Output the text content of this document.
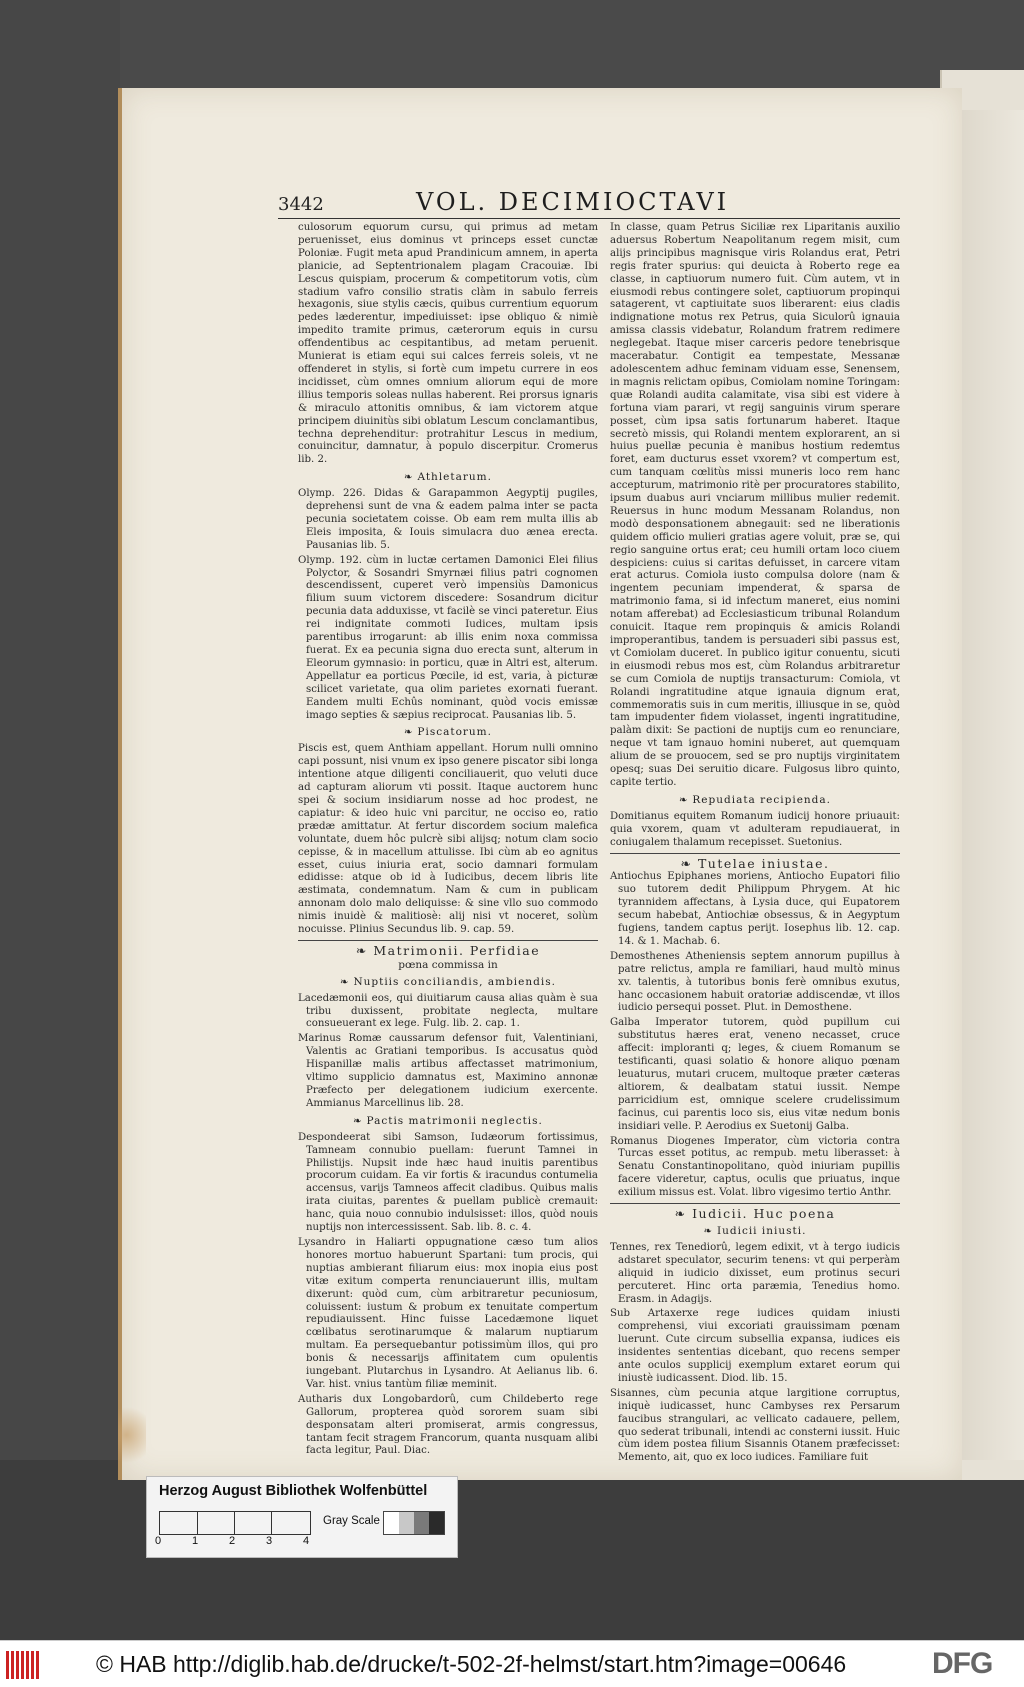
3442	VOL. DECIMIOCTAVI

culosorum equorum cursu, qui primus ad metam peruenisset, eius dominus vt princeps esset cunctæ Poloniæ. Fugit meta apud Prandinicum amnem, in aperta planicie, ad Septentrionalem plagam Cracouiæ. Ibi Lescus quispiam, procerum & competitorum votis, cùm stadium vafro consilio stratis clàm in sabulo ferreis hexagonis, siue stylis cæcis, quibus currentium equorum pedes læderentur, impediuisset: ipse obliquo & nimiè impedito tramite primus, cæterorum equis in cursu offendentibus ac cespitantibus, ad metam peruenit. Munierat is etiam equi sui calces ferreis soleis, vt ne offenderet in stylis, si fortè cum impetu currere in eos incidisset, cùm omnes omnium aliorum equi de more illius temporis soleas nullas haberent. Rei prorsus ignaris & miraculo attonitis omnibus, & iam victorem atque principem diuinitùs sibi oblatum Lescum conclamantibus, techna deprehenditur: protrahitur Lescus in medium, conuincitur, damnatur, à populo discerpitur. Cromerus lib. 2.

❧ Athletarum.

Olymp. 226. Didas & Garapammon Aegyptij pugiles, deprehensi sunt de vna & eadem palma inter se pacta pecunia societatem coisse. Ob eam rem multa illis ab Eleis imposita, & Iouis simulacra duo ænea erecta. Pausanias lib. 5.

Olymp. 192. cùm in luctæ certamen Damonici Elei filius Polyctor, & Sosandri Smyrnæi filius patri cognomen descendissent, cuperet verò impensiùs Damonicus filium suum victorem discedere: Sosandrum dicitur pecunia data adduxisse, vt facilè se vinci pateretur. Eius rei indignitate commoti Iudices, multam ipsis parentibus irrogarunt: ab illis enim noxa commissa fuerat. Ex ea pecunia signa duo erecta sunt, alterum in Eleorum gymnasio: in porticu, quæ in Altri est, alterum. Appellatur ea porticus Pœcile, id est, varia, à picturæ scilicet varietate, qua olim parietes exornati fuerant. Eandem multi Echûs nominant, quòd vocis emissæ imago septies & sæpius reciprocat. Pausanias lib. 5.

❧ Piscatorum.

Piscis est, quem Anthiam appellant. Horum nulli omnino capi possunt, nisi vnum ex ipso genere piscator sibi longa intentione atque diligenti conciliauerit, quo veluti duce ad capturam aliorum vti possit. Itaque auctorem hunc spei & socium insidiarum nosse ad hoc prodest, ne capiatur: & ideo huic vni parcitur, ne occiso eo, ratio prædæ amittatur. At fertur discordem socium malefica voluntate, duem hôc pulcrè sibi alijsq; notum clam socio cepisse, & in macellum attulisse. Ibi cùm ab eo agnitus esset, cuius iniuria erat, socio damnari formulam edidisse: atque ob id à Iudicibus, decem libris lite æstimata, condemnatum. Nam & cum in publicam annonam dolo malo deliquisse: & sine vllo suo commodo nimis inuidè & malitiosè: alij nisi vt noceret, solùm nocuisse. Plinius Secundus lib. 9. cap. 59.

❧ Matrimonii. Perfidiae
pœna commissa in
❧ Nuptiis conciliandis, ambiendis.

Lacedæmonii eos, qui diuitiarum causa alias quàm è sua tribu duxissent, probitate neglecta, multare consueuerant ex lege. Fulg. lib. 2. cap. 1.

Marinus Romæ caussarum defensor fuit, Valentiniani, Valentis ac Gratiani temporibus. Is accusatus quòd Hispanillæ malis artibus affectasset matrimonium, vltimo supplicio damnatus est, Maximino annonæ Præfecto per delegationem iudicium exercente. Ammianus Marcellinus lib. 28.

❧ Pactis matrimonii neglectis.

Despondeerat sibi Samson, Iudæorum fortissimus, Tamneam connubio puellam: fuerunt Tamnei in Philistijs. Nupsit inde hæc haud inuitis parentibus procorum cuidam. Ea vir fortis & iracundus contumelia accensus, varijs Tamneos affecit cladibus. Quibus malis irata ciuitas, parentes & puellam publicè cremauit: hanc, quia nouo connubio indulsisset: illos, quòd nouis nuptijs non intercessissent. Sab. lib. 8. c. 4.

Lysandro in Haliarti oppugnatione cæso tum alios honores mortuo habuerunt Spartani: tum procis, qui nuptias ambierant filiarum eius: mox inopia eius post vitæ exitum comperta renunciauerunt illis, multam dixerunt: quòd cum, cùm arbitraretur pecuniosum, coluissent: iustum & probum ex tenuitate compertum repudiauissent. Hinc fuisse Lacedæmone liquet cœlibatus serotinarumque & malarum nuptiarum multam. Ea persequebantur potissimùm illos, qui pro bonis & necessarijs affinitatem cum opulentis iungebant. Plutarchus in Lysandro. At Aelianus lib. 6. Var. hist. vnius tantùm filiæ meminit.

Autharis dux Longobardorû, cum Childeberto rege Gallorum, propterea quòd sororem suam sibi desponsatam alteri promiserat, armis congressus, tantam fecit stragem Francorum, quanta nusquam alibi facta legitur, Paul. Diac.

In classe, quam Petrus Siciliæ rex Liparitanis auxilio aduersus Robertum Neapolitanum regem misit, cum alijs principibus magnisque viris Rolandus erat, Petri regis frater spurius: qui deuicta à Roberto rege ea classe, in captiuorum numero fuit. Cùm autem, vt in eiusmodi rebus contingere solet, captiuorum propinqui satagerent, vt captiuitate suos liberarent: eius cladis indignatione motus rex Petrus, quia Siculorû ignauia amissa classis videbatur, Rolandum fratrem redimere neglegebat. Itaque miser carceris pedore tenebrisque macerabatur. Contigit ea tempestate, Messanæ adolescentem adhuc feminam viduam esse, Senensem, in magnis relictam opibus, Comiolam nomine Toringam: quæ Rolandi audita calamitate, visa sibi est videre à fortuna viam parari, vt regij sanguinis virum sperare posset, cùm ipsa satis fortunarum haberet. Itaque secretò missis, qui Rolandi mentem explorarent, an si huius puellæ pecunia è manibus hostium redemtus foret, eam ducturus esset vxorem? vt compertum est, cum tanquam cœlitùs missi muneris loco rem hanc accepturum, matrimonio ritè per procuratores stabilito, ipsum duabus auri vnciarum millibus mulier redemit. Reuersus in hunc modum Messanam Rolandus, non modò desponsationem abnegauit: sed ne liberationis quidem officio mulieri gratias agere voluit, præ se, qui regio sanguine ortus erat; ceu humili ortam loco ciuem despiciens: cuius si caritas defuisset, in carcere vitam erat acturus. Comiola iusto compulsa dolore (nam & ingentem pecuniam impenderat, & sparsa de matrimonio fama, si id infectum maneret, eius nomini notam afferebat) ad Ecclesiasticum tribunal Rolandum conuicit. Itaque rem propinquis & amicis Rolandi improperantibus, tandem is persuaderi sibi passus est, vt Comiolam duceret. In publico igitur conuentu, sicuti in eiusmodi rebus mos est, cùm Rolandus arbitraretur se cum Comiola de nuptijs transacturum: Comiola, vt Rolandi ingratitudine atque ignauia dignum erat, commemoratis suis in cum meritis, illiusque in se, quòd tam impudenter fidem violasset, ingenti ingratitudine, palàm dixit: Se pactioni de nuptijs cum eo renunciare, neque vt tam ignauo homini nuberet, aut quemquam alium de se prouocem, sed se pro nuptijs virginitatem opesq; suas Dei seruitio dicare. Fulgosus libro quinto, capite tertio.

❧ Repudiata recipienda.

Domitianus equitem Romanum iudicij honore priuauit: quia vxorem, quam vt adulteram repudiauerat, in coniugalem thalamum recepisset. Suetonius.

❧ Tutelae iniustae.

Antiochus Epiphanes moriens, Antiocho Eupatori filio suo tutorem dedit Philippum Phrygem. At hic tyrannidem affectans, à Lysia duce, qui Eupatorem secum habebat, Antiochiæ obsessus, & in Aegyptum fugiens, tandem captus perijt. Iosephus lib. 12. cap. 14. & 1. Machab. 6.

Demosthenes Atheniensis septem annorum pupillus à patre relictus, ampla re familiari, haud multò minus xv. talentis, à tutoribus bonis ferè omnibus exutus, hanc occasionem habuit oratoriæ addiscendæ, vt illos iudicio persequi posset. Plut. in Demosthene.

Galba Imperator tutorem, quòd pupillum cui substitutus hæres erat, veneno necasset, cruce affecit: imploranti q; leges, & ciuem Romanum se testificanti, quasi solatio & honore aliquo pœnam leuaturus, mutari crucem, multoque præter cæteras altiorem, & dealbatam statui iussit. Nempe parricidium est, omnique scelere crudelissimum facinus, cui parentis loco sis, eius vitæ nedum bonis insidiari velle. P. Aerodius ex Suetonij Galba.

Romanus Diogenes Imperator, cùm victoria contra Turcas esset potitus, ac rempub. metu liberasset: à Senatu Constantinopolitano, quòd iniuriam pupillis facere videretur, captus, oculis que priuatus, inque exilium missus est. Volat. libro vigesimo tertio Anthr.

❧ Iudicii. Huc poena
❧ Iudicii iniusti.

Tennes, rex Tenediorû, legem edixit, vt à tergo iudicis adstaret speculator, securim tenens: vt qui perperàm aliquid in iudicio dixisset, eum protinus securi percuteret. Hinc orta paræmia, Tenedius homo. Erasm. in Adagijs.

Sub Artaxerxe rege iudices quidam iniusti comprehensi, viui excoriati grauissimam pœnam luerunt. Cute circum subsellia expansa, iudices eis insidentes sententias dicebant, quo recens semper ante oculos supplicij exemplum extaret eorum qui iniustè iudicassent. Diod. lib. 15.

Sisannes, cùm pecunia atque largitione corruptus, iniquè iudicasset, hunc Cambyses rex Persarum faucibus strangulari, ac vellicato cadauere, pellem, quo sederat tribunali, intendi ac consterni iussit. Huic cùm idem postea filium Sisannis Otanem præfecisset: Memento, ait, quo ex loco iudices. Familiare fuit

Herzog August Bibliothek Wolfenbüttel
0	1	2	3	4
Gray Scale
© HAB http://diglib.hab.de/drucke/t-502-2f-helmst/start.htm?image=00646	DFG
